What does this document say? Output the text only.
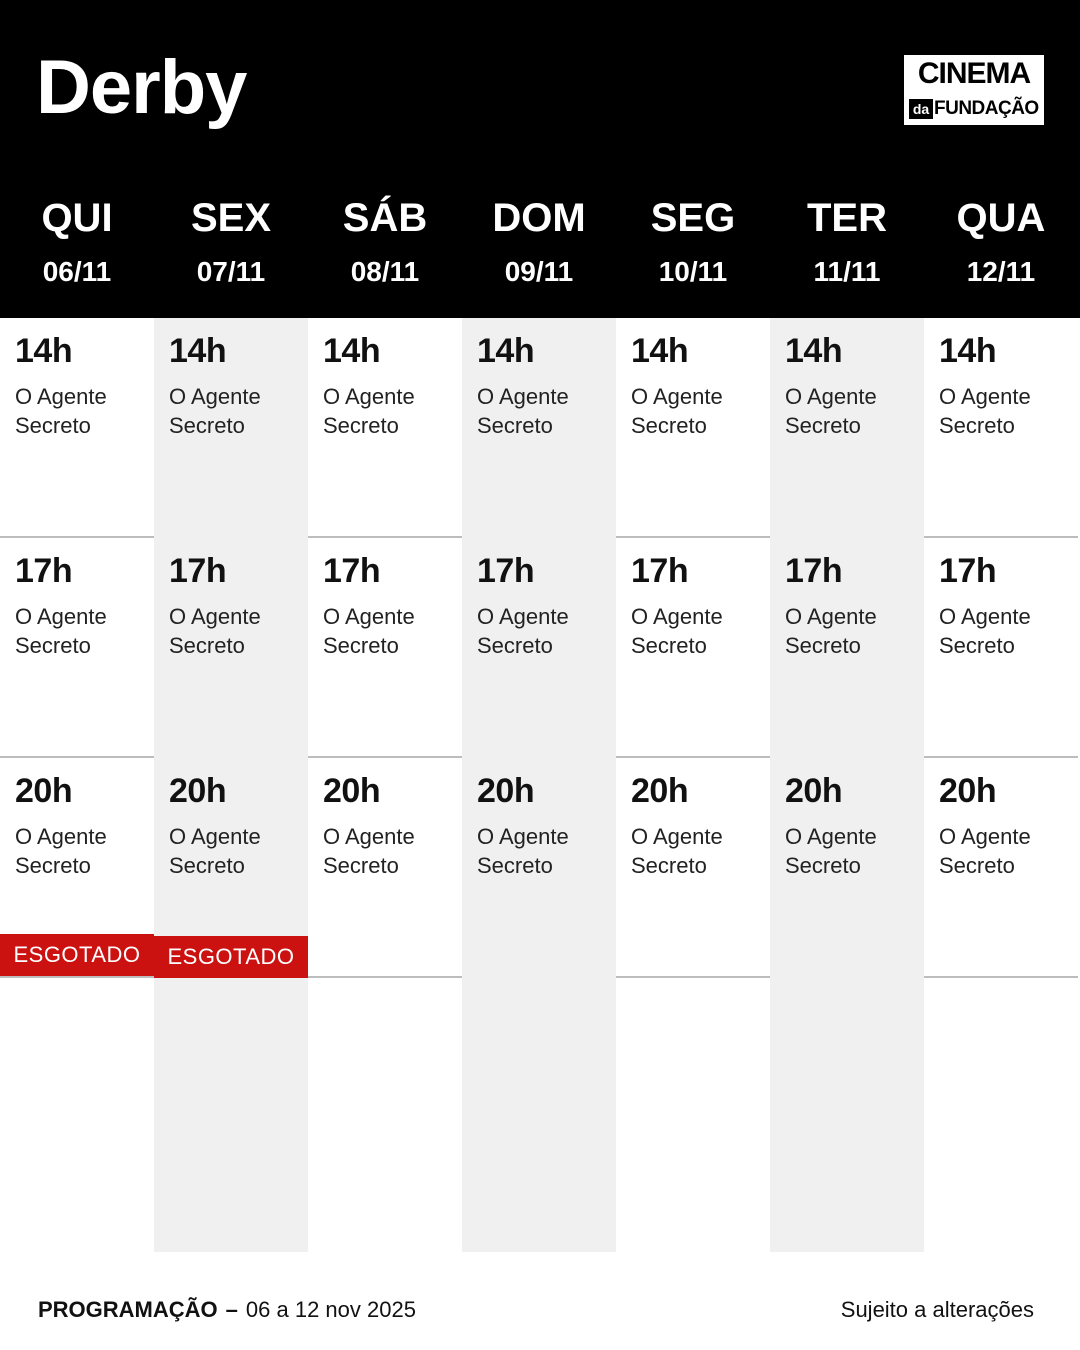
Derby	CINEMA
da FUNDAÇÃO
QUI
06/11
SEX
07/11
SÁB
08/11
DOM
09/11
SEG
10/11
TER
11/11
QUA
12/11
14h
O Agente Secreto
17h
O Agente Secreto
20h
O Agente Secreto
ESGOTADO
14h
O Agente Secreto
17h
O Agente Secreto
20h
O Agente Secreto
ESGOTADO
14h
O Agente Secreto
17h
O Agente Secreto
20h
O Agente Secreto
14h
O Agente Secreto
17h
O Agente Secreto
20h
O Agente Secreto
14h
O Agente Secreto
17h
O Agente Secreto
20h
O Agente Secreto
14h
O Agente Secreto
17h
O Agente Secreto
20h
O Agente Secreto
14h
O Agente Secreto
17h
O Agente Secreto
20h
O Agente Secreto
PROGRAMAÇÃO – 06 a 12 nov 2025	Sujeito a alterações
